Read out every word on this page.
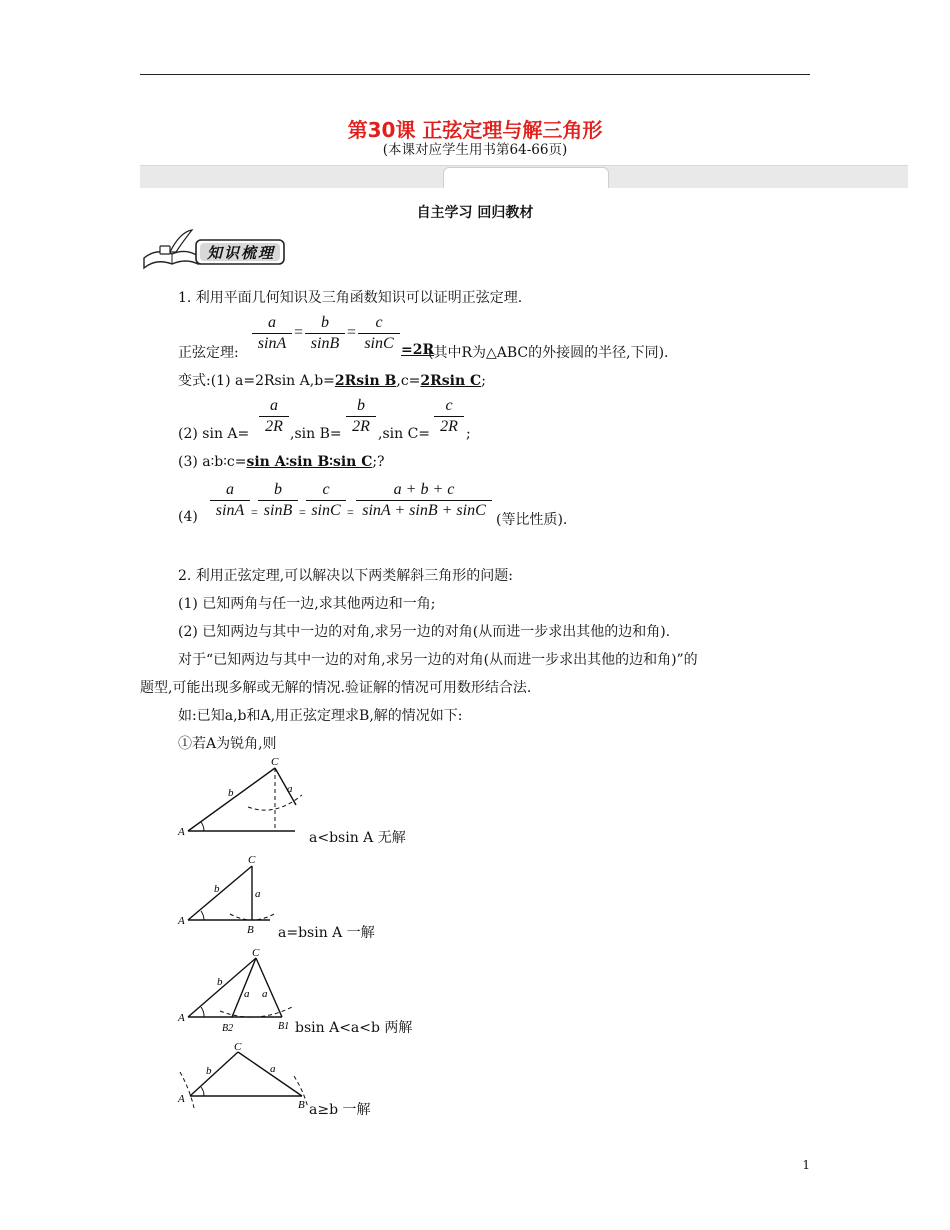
第30课 正弦定理与解三角形
(本课对应学生用书第64-66页)
自主学习 回归教材
知识梳理
1. 利用平面几何知识及三角函数知识可以证明正弦定理.
正弦定理: $\frac{a}{\sin A} = \frac{b}{\sin B} = \frac{c}{\sin C} =2R$
(其中R为△ABC的外接圆的半径,下同).
变式:(1) a=2Rsin A,b=2Rsin B,c=2Rsin C;
(2) $\sin A= \frac{a}{2R} ,\sin$ $B= \frac{b}{2R} ,\sin$ $C= \frac{c}{2R}$ ;
(3) a∶b∶c=sin A∶sin B∶sin C;?
$(4) \frac{a}{\sin A} = \frac{b}{\sin B} = \frac{c}{\sin C} = \frac{a + b + c}{\sin A + \sin B + \sin C}$ (等比性质).
2. 利用正弦定理,可以解决以下两类解斜三角形的问题:
(1) 已知两角与任一边,求其他两边和一角;
(2) 已知两边与其中一边的对角,求另一边的对角(从而进一步求出其他的边和角).
对于“已知两边与其中一边的对角,求另一边的对角(从而进一步求出其他的边和角)”的
题型,可能出现多解或无解的情况.验证解的情况可用数形结合法.
如:已知a,b和A,用正弦定理求B,解的情况如下:
①若A为锐角,则
A
b
C
a
a<bsin A 无解
A
b
C
a
B a=bsin A 一解
A
b
C
a a
B2	B1 bsin A<a<b 两解
A
b
C
a
B a≥b 一解
1
